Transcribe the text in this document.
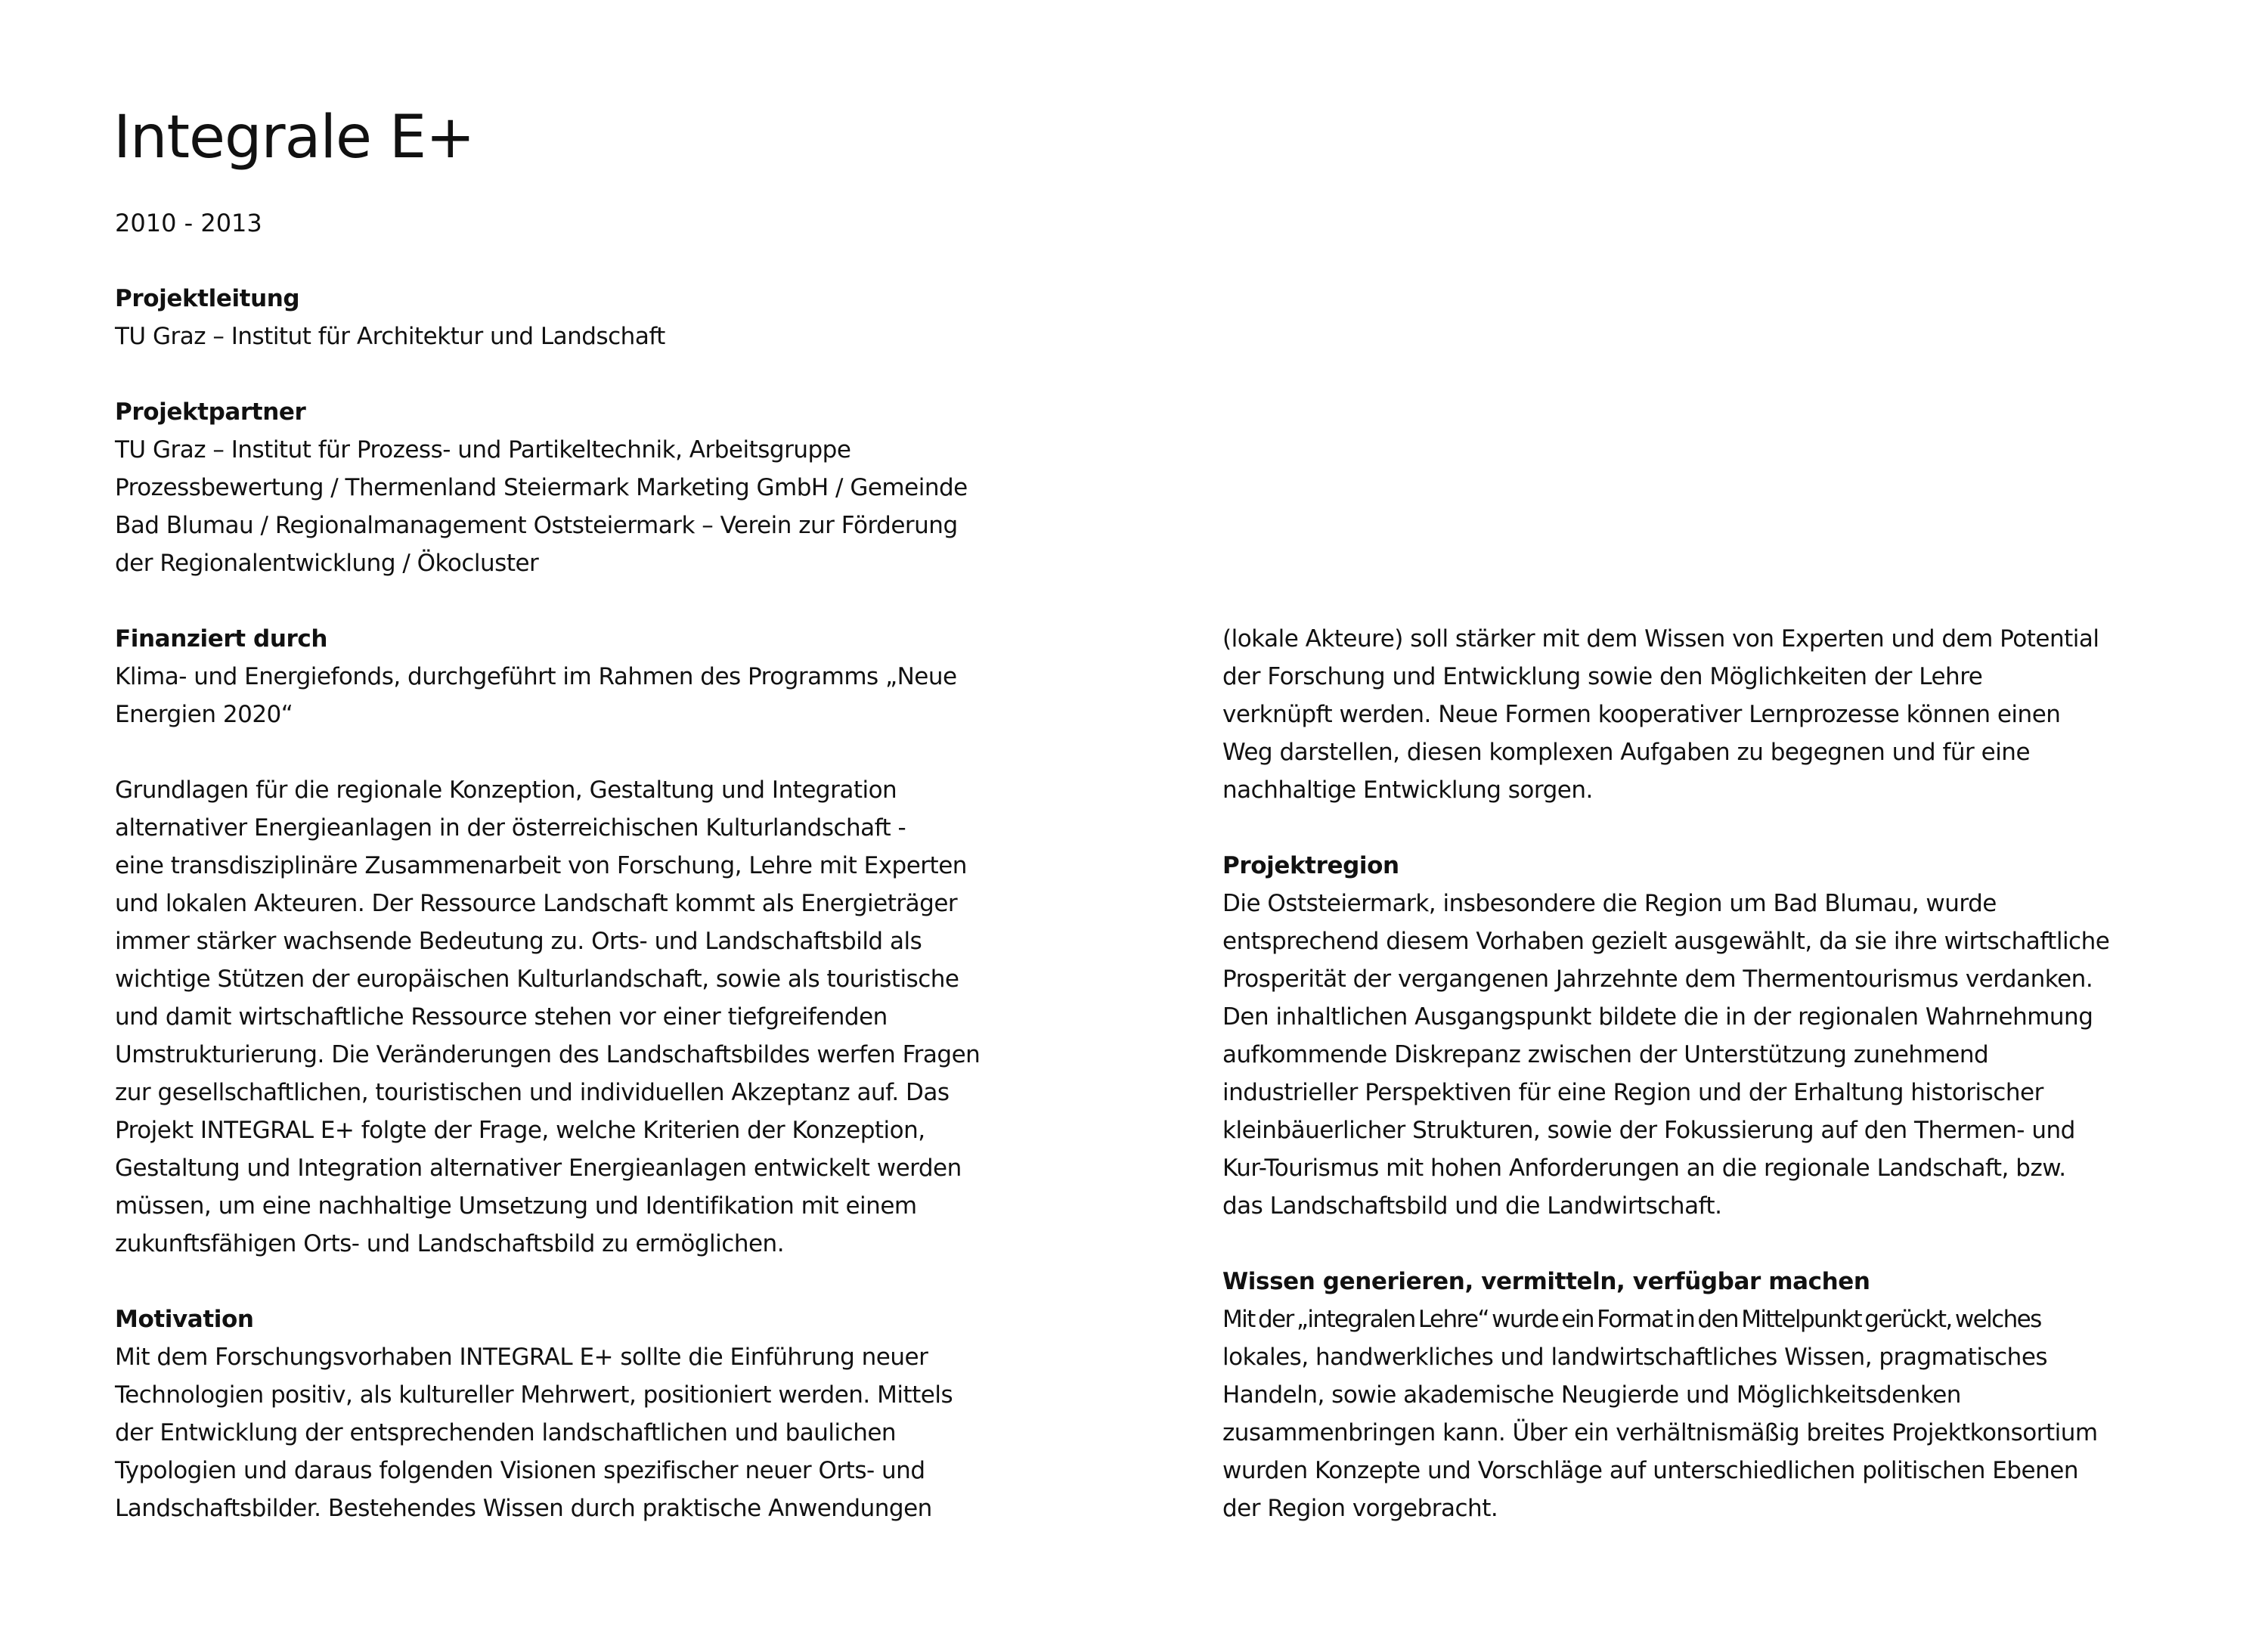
Integrale E+
2010 - 2013
Projektleitung
TU Graz – Institut für Architektur und Landschaft
Projektpartner
TU Graz – Institut für Prozess- und Partikeltechnik, Arbeitsgruppe
Prozessbewertung / Thermenland Steiermark Marketing GmbH / Gemeinde
Bad Blumau / Regionalmanagement Oststeiermark – Verein zur Förderung
der Regionalentwicklung / Ökocluster
Finanziert durch
Klima- und Energiefonds, durchgeführt im Rahmen des Programms „Neue
Energien 2020“
Grundlagen für die regionale Konzeption, Gestaltung und Integration
alternativer Energieanlagen in der österreichischen Kulturlandschaft -
eine transdisziplinäre Zusammenarbeit von Forschung, Lehre mit Experten
und lokalen Akteuren. Der Ressource Landschaft kommt als Energieträger
immer stärker wachsende Bedeutung zu. Orts- und Landschaftsbild als
wichtige Stützen der europäischen Kulturlandschaft, sowie als touristische
und damit wirtschaftliche Ressource stehen vor einer tiefgreifenden
Umstrukturierung. Die Veränderungen des Landschaftsbildes werfen Fragen
zur gesellschaftlichen, touristischen und individuellen Akzeptanz auf. Das
Projekt INTEGRAL E+ folgte der Frage, welche Kriterien der Konzeption,
Gestaltung und Integration alternativer Energieanlagen entwickelt werden
müssen, um eine nachhaltige Umsetzung und Identifikation mit einem
zukunftsfähigen Orts- und Landschaftsbild zu ermöglichen.
Motivation
Mit dem Forschungsvorhaben INTEGRAL E+ sollte die Einführung neuer
Technologien positiv, als kultureller Mehrwert, positioniert werden. Mittels
der Entwicklung der entsprechenden landschaftlichen und baulichen
Typologien und daraus folgenden Visionen spezifischer neuer Orts- und
Landschaftsbilder. Bestehendes Wissen durch praktische Anwendungen
(lokale Akteure) soll stärker mit dem Wissen von Experten und dem Potential
der Forschung und Entwicklung sowie den Möglichkeiten der Lehre
verknüpft werden. Neue Formen kooperativer Lernprozesse können einen
Weg darstellen, diesen komplexen Aufgaben zu begegnen und für eine
nachhaltige Entwicklung sorgen.
Projektregion
Die Oststeiermark, insbesondere die Region um Bad Blumau, wurde
entsprechend diesem Vorhaben gezielt ausgewählt, da sie ihre wirtschaftliche
Prosperität der vergangenen Jahrzehnte dem Thermentourismus verdanken.
Den inhaltlichen Ausgangspunkt bildete die in der regionalen Wahrnehmung
aufkommende Diskrepanz zwischen der Unterstützung zunehmend
industrieller Perspektiven für eine Region und der Erhaltung historischer
kleinbäuerlicher Strukturen, sowie der Fokussierung auf den Thermen- und
Kur-Tourismus mit hohen Anforderungen an die regionale Landschaft, bzw.
das Landschaftsbild und die Landwirtschaft.
Wissen generieren, vermitteln, verfügbar machen
Mit der „integralen Lehre“ wurde ein Format in den Mittelpunkt gerückt, welches
lokales, handwerkliches und landwirtschaftliches Wissen, pragmatisches
Handeln, sowie akademische Neugierde und Möglichkeitsdenken
zusammenbringen kann. Über ein verhältnismäßig breites Projektkonsortium
wurden Konzepte und Vorschläge auf unterschiedlichen politischen Ebenen
der Region vorgebracht.
